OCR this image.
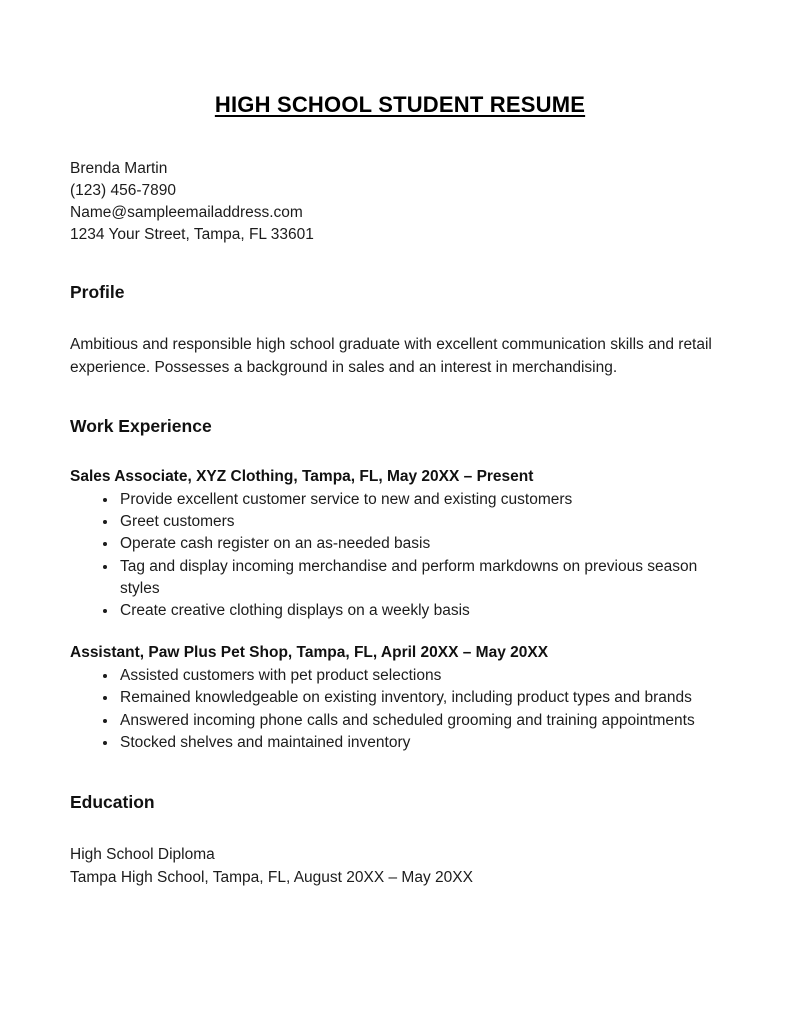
HIGH SCHOOL STUDENT RESUME
Brenda Martin
(123) 456-7890
Name@sampleemailaddress.com
1234 Your Street, Tampa, FL 33601
Profile

Ambitious and responsible high school graduate with excellent communication skills and retail experience. Possesses a background in sales and an interest in merchandising.

Work Experience
Sales Associate, XYZ Clothing, Tampa, FL, May 20XX – Present
• Provide excellent customer service to new and existing customers
• Greet customers
• Operate cash register on an as-needed basis
• Tag and display incoming merchandise and perform markdowns on previous season styles
• Create creative clothing displays on a weekly basis
Assistant, Paw Plus Pet Shop, Tampa, FL, April 20XX – May 20XX
• Assisted customers with pet product selections
• Remained knowledgeable on existing inventory, including product types and brands
• Answered incoming phone calls and scheduled grooming and training appointments
• Stocked shelves and maintained inventory
Education
High School Diploma
Tampa High School, Tampa, FL, August 20XX – May 20XX
